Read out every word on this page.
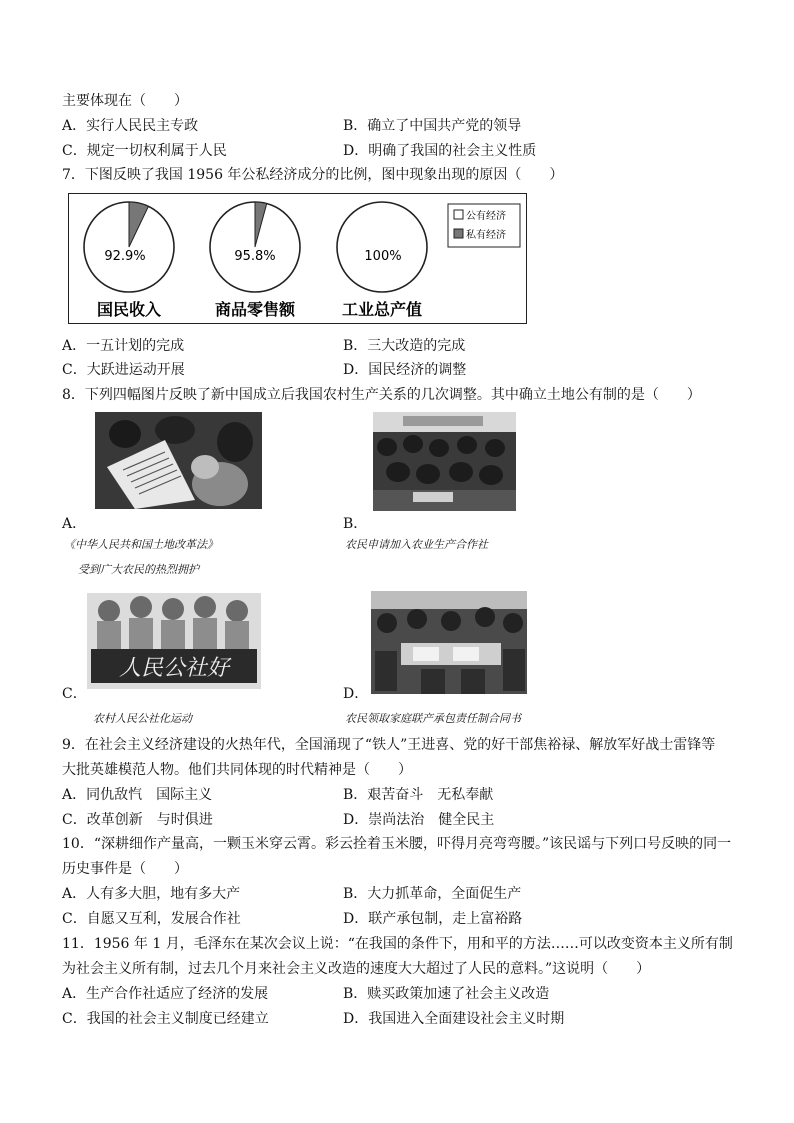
主要体现在（　　）
A．实行人民民主专政	B．确立了中国共产党的领导
C．规定一切权利属于人民	D．明确了我国的社会主义性质
7．下图反映了我国 1956 年公私经济成分的比例，图中现象出现的原因（　　）
92.9%	95.8%	100%
国民收入	商品零售额	工业总产值
公有经济
私有经济
A．一五计划的完成	B．三大改造的完成
C．大跃进运动开展	D．国民经济的调整
8．下列四幅图片反映了新中国成立后我国农村生产关系的几次调整。其中确立土地公有制的是（　　）
A．
《中华人民共和国土地改革法》
受到广大农民的热烈拥护
B．
农民申请加入农业生产合作社
人民公社好
C．
农村人民公社化运动
D．
农民领取家庭联产承包责任制合同书
9．在社会主义经济建设的火热年代，全国涌现了“铁人”王进喜、党的好干部焦裕禄、解放军好战士雷锋等
大批英雄模范人物。他们共同体现的时代精神是（　　）
A．同仇敌忾　国际主义	B．艰苦奋斗　无私奉献
C．改革创新　与时俱进	D．崇尚法治　健全民主
10．“深耕细作产量高，一颗玉米穿云霄。彩云拴着玉米腰，吓得月亮弯弯腰。”该民谣与下列口号反映的同一
历史事件是（　　）
A．人有多大胆，地有多大产	B．大力抓革命，全面促生产
C．自愿又互利，发展合作社	D．联产承包制，走上富裕路
11．1956 年 1 月，毛泽东在某次会议上说：“在我国的条件下，用和平的方法……可以改变资本主义所有制
为社会主义所有制，过去几个月来社会主义改造的速度大大超过了人民的意料。”这说明（　　）
A．生产合作社适应了经济的发展	B．赎买政策加速了社会主义改造
C．我国的社会主义制度已经建立	D．我国进入全面建设社会主义时期
